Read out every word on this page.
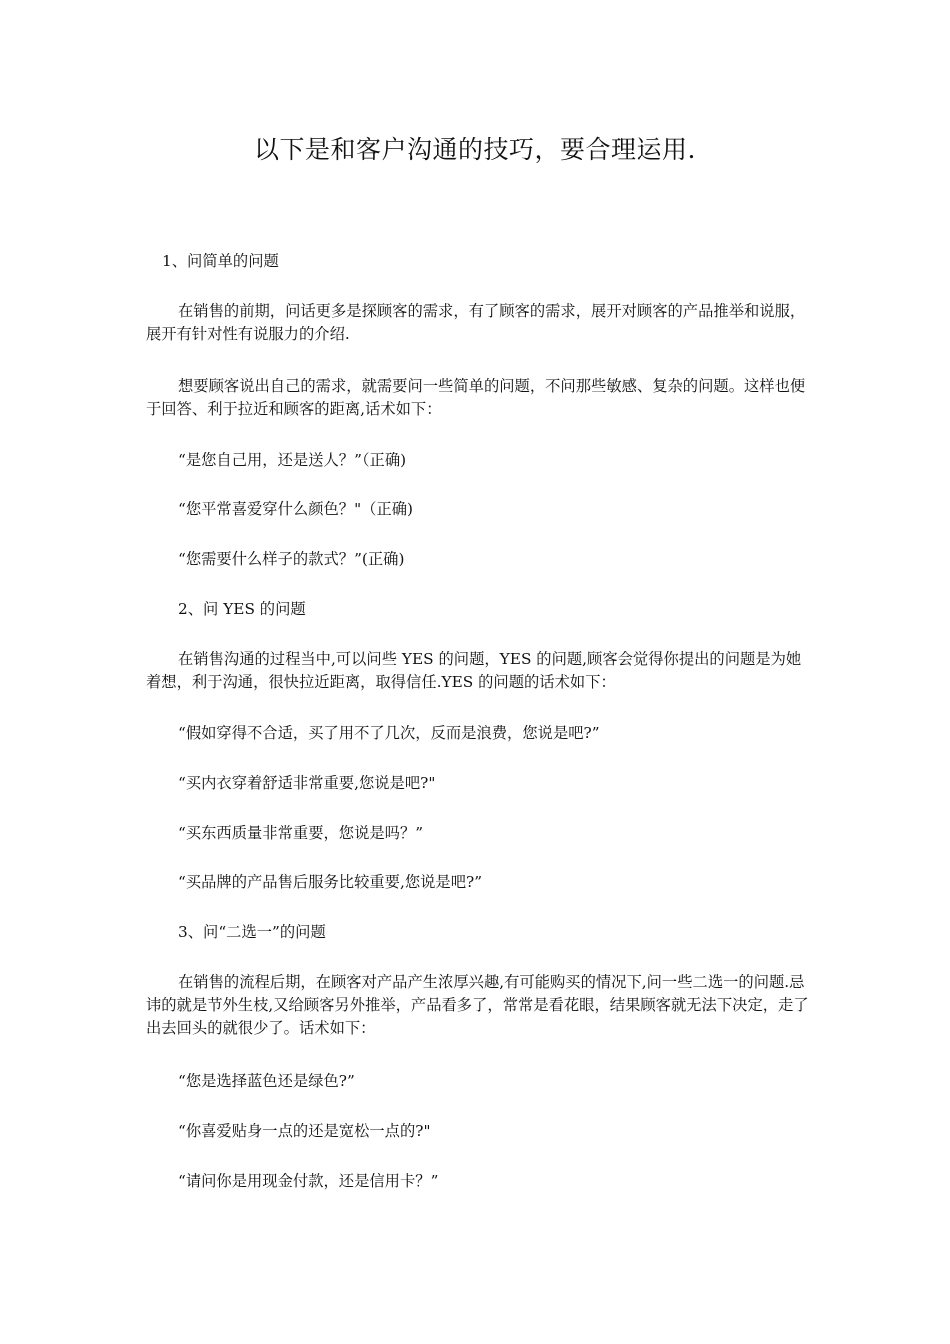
以下是和客户沟通的技巧，要合理运用.

1、问简单的问题

在销售的前期，问话更多是探顾客的需求，有了顾客的需求，展开对顾客的产品推举和说服，展开有针对性有说服力的介绍.

想要顾客说出自己的需求，就需要问一些简单的问题，不问那些敏感、复杂的问题。这样也便于回答、利于拉近和顾客的距离,话术如下：

“是您自己用，还是送人？”（正确)

“您平常喜爱穿什么颜色？"（正确)

“您需要什么样子的款式？”(正确)

2、问 YES 的问题

在销售沟通的过程当中,可以问些 YES 的问题，YES 的问题,顾客会觉得你提出的问题是为她着想，利于沟通，很快拉近距离，取得信任.YES 的问题的话术如下：

“假如穿得不合适，买了用不了几次，反而是浪费，您说是吧?”

“买内衣穿着舒适非常重要,您说是吧?"

“买东西质量非常重要，您说是吗？”

“买品牌的产品售后服务比较重要,您说是吧?”

3、问“二选一”的问题

在销售的流程后期，在顾客对产品产生浓厚兴趣,有可能购买的情况下,问一些二选一的问题.忌讳的就是节外生枝,又给顾客另外推举，产品看多了，常常是看花眼，结果顾客就无法下决定，走了出去回头的就很少了。话术如下：

“您是选择蓝色还是绿色?”

“你喜爱贴身一点的还是宽松一点的?"

“请问你是用现金付款，还是信用卡？”
